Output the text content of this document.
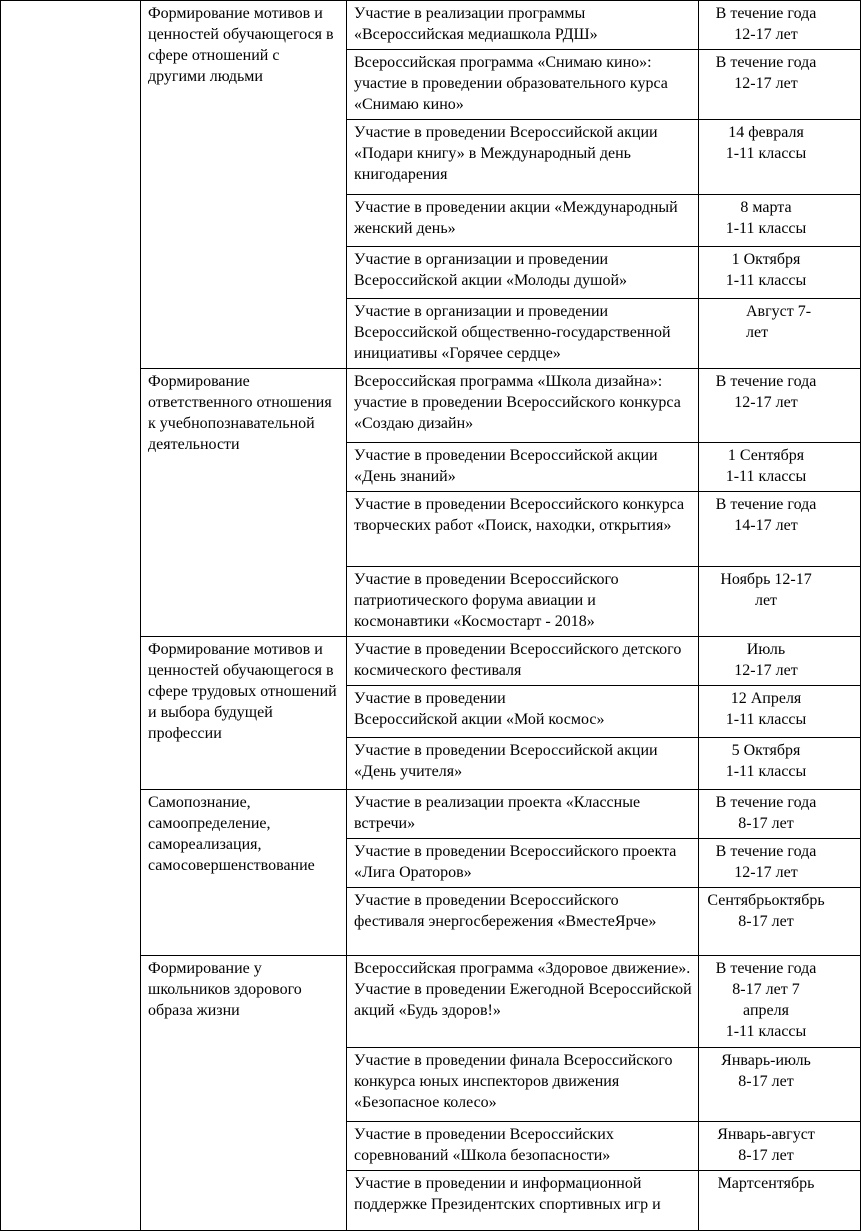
	Формирование мотивов и ценностей обучающегося в сфере отношений с другими людьми	Участие в реализации программы «Всероссийская медиашкола РДШ»	В течение года
12-17 лет

		Всероссийская программа «Снимаю кино»: участие в проведении образовательного курса «Снимаю кино»	В течение года
12-17 лет

		Участие в проведении Всероссийской акции «Подари книгу» в Международный день книгодарения	14 февраля
1-11 классы

		Участие в проведении акции «Международный женский день»	8 марта
1-11 классы

		Участие в организации и проведении Всероссийской акции «Молоды душой»	1 Октября
1-11 классы

		Участие в организации и проведении Всероссийской общественно-государственной инициативы «Горячее сердце»	Август 7-
лет

	Формирование ответственного отношения к учебнопознавательной деятельности	Всероссийская программа «Школа дизайна»: участие в проведении Всероссийского конкурса «Создаю дизайн»	В течение года
12-17 лет

		Участие в проведении Всероссийской акции «День знаний»	1 Сентября
1-11 классы

		Участие в проведении Всероссийского конкурса творческих работ «Поиск, находки, открытия»	В течение года
14-17 лет

		Участие в проведении Всероссийского патриотического форума авиации и космонавтики «Космостарт - 2018»	Ноябрь 12-17
лет

	Формирование мотивов и ценностей обучающегося в сфере трудовых отношений и выбора будущей профессии	Участие в проведении Всероссийского детского космического фестиваля	Июль
12-17 лет

		Участие в проведении
Всероссийской акции «Мой космос»	12 Апреля
1-11 классы

		Участие в проведении Всероссийской акции «День учителя»	5 Октября
1-11 классы

	Самопознание, самоопределение, самореализация, самосовершенствование	Участие в реализации проекта «Классные встречи»	В течение года
8-17 лет

		Участие в проведении Всероссийского проекта «Лига Ораторов»	В течение года
12-17 лет

		Участие в проведении Всероссийского фестиваля энергосбережения «ВместеЯрче»	Сентябрьоктябрь
8-17 лет

	Формирование у школьников здорового образа жизни	Всероссийская программа «Здоровое движение».
Участие в проведении Ежегодной Всероссийской акций «Будь здоров!»	В течение года
8-17 лет 7
апреля
1-11 классы

		Участие в проведении финала Всероссийского конкурса юных инспекторов движения «Безопасное колесо»	Январь-июль
8-17 лет

		Участие в проведении Всероссийских соревнований «Школа безопасности»	Январь-август
8-17 лет

		Участие в проведении и информационной поддержке Президентских спортивных игр и	Мартсентябрь
